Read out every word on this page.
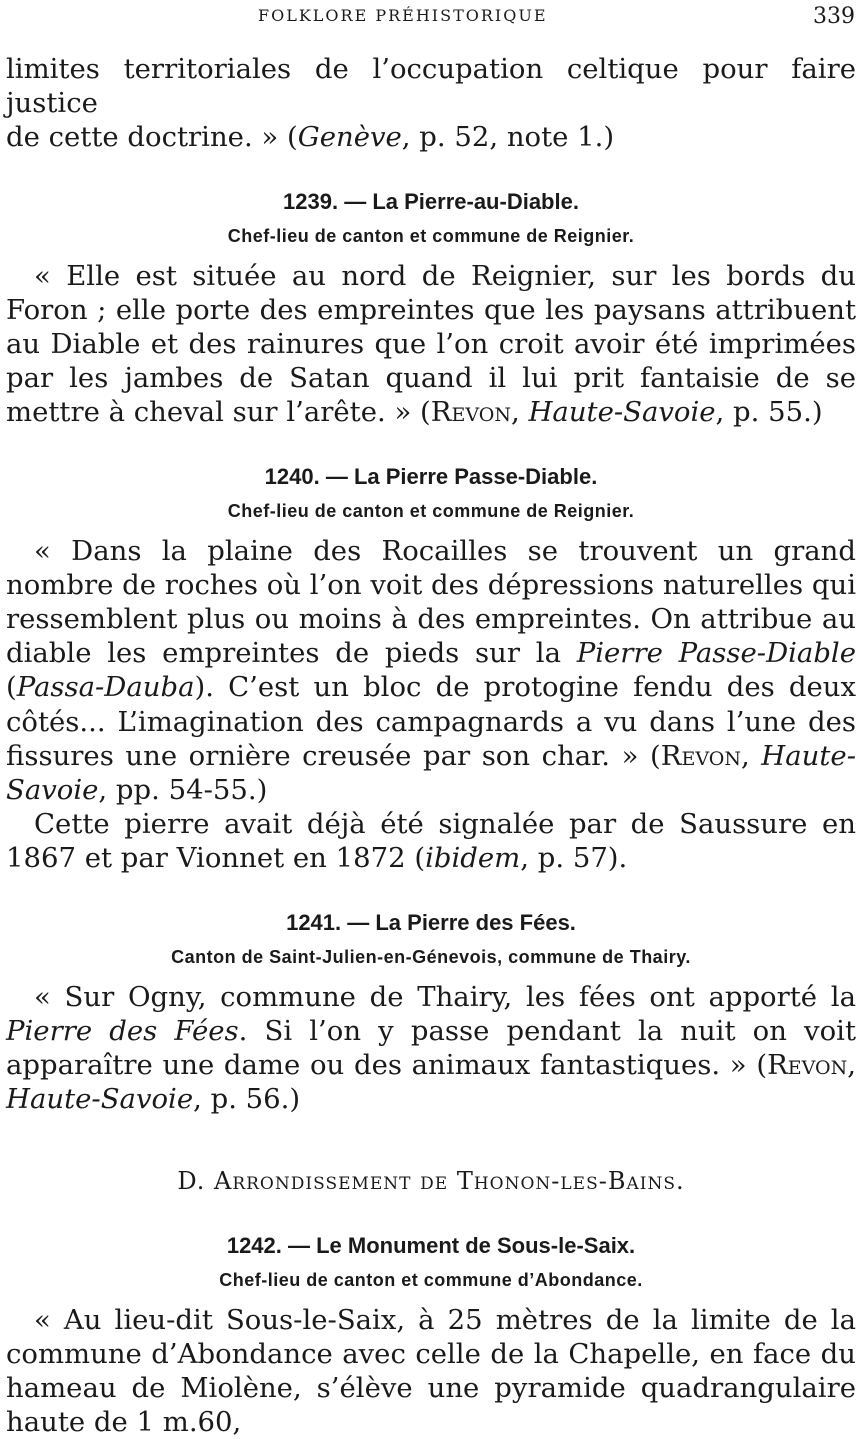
FOLKLORE PRÉHISTORIQUE	339

limites territoriales de l’occupation celtique pour faire justice
de cette doctrine. » (Genève, p. 52, note 1.)

1239. — La Pierre-au-Diable.

Chef-lieu de canton et commune de Reignier.

« Elle est située au nord de Reignier, sur les bords du Foron ; elle porte des empreintes que les paysans attribuent au Diable et des rainures que l’on croit avoir été imprimées par les jambes de Satan quand il lui prit fantaisie de se mettre à cheval sur l’arête. » (Revon, Haute-Savoie, p. 55.)

1240. — La Pierre Passe-Diable.

Chef-lieu de canton et commune de Reignier.

« Dans la plaine des Rocailles se trouvent un grand nombre de roches où l’on voit des dépressions naturelles qui ressemblent plus ou moins à des empreintes. On attribue au diable les empreintes de pieds sur la Pierre Passe-Diable (Passa-Dauba). C’est un bloc de protogine fendu des deux côtés... L’imagination des campagnards a vu dans l’une des fissures une ornière creusée par son char. » (Revon, Haute-Savoie, pp. 54-55.)

Cette pierre avait déjà été signalée par de Saussure en 1867 et par Vionnet en 1872 (ibidem, p. 57).

1241. — La Pierre des Fées.

Canton de Saint-Julien-en-Génevois, commune de Thairy.

« Sur Ogny, commune de Thairy, les fées ont apporté la Pierre des Fées. Si l’on y passe pendant la nuit on voit apparaître une dame ou des animaux fantastiques. » (Revon, Haute-Savoie, p. 56.)

D. Arrondissement de Thonon-les-Bains.

1242. — Le Monument de Sous-le-Saix.

Chef-lieu de canton et commune d’Abondance.

« Au lieu-dit Sous-le-Saix, à 25 mètres de la limite de la commune d’Abondance avec celle de la Chapelle, en face du hameau de Miolène, s’élève une pyramide quadrangulaire haute de 1 m.60,
